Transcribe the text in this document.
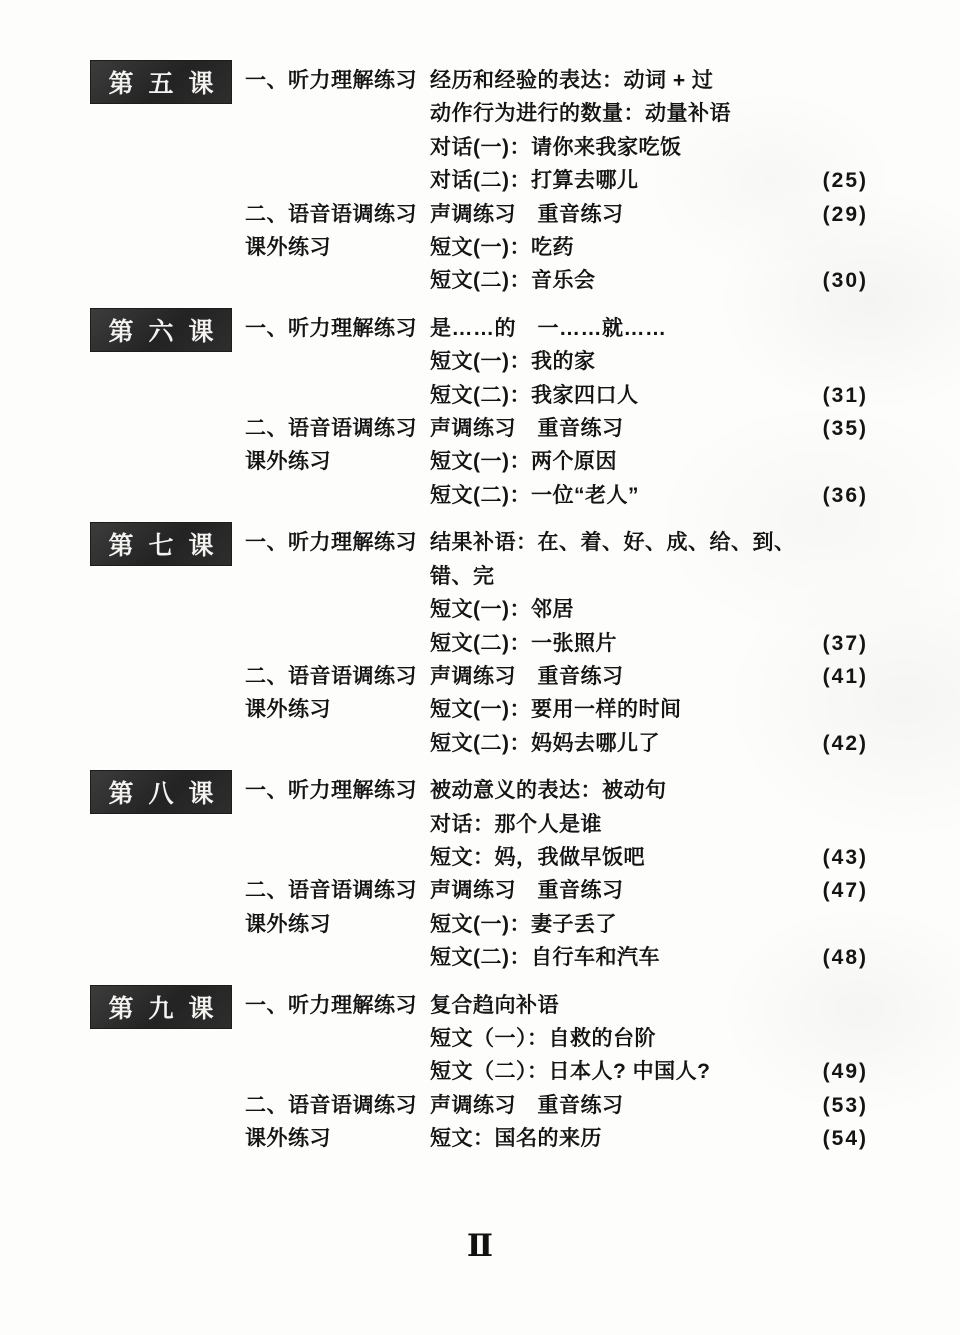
第五课 一、听力理解练习 经历和经验的表达：动词 + 过
动作行为进行的数量：动量补语
对话(一)：请你来我家吃饭
对话(二)：打算去哪儿	(25)
二、语音语调练习 声调练习　重音练习	(29)
课外练习	短文(一)：吃药
短文(二)：音乐会	(30)
第六课 一、听力理解练习 是……的　一……就……
短文(一)：我的家
短文(二)：我家四口人	(31)
二、语音语调练习 声调练习　重音练习	(35)
课外练习	短文(一)：两个原因
短文(二)：一位“老人”	(36)
第七课 一、听力理解练习 结果补语：在、着、好、成、给、到、
错、完
短文(一)：邻居
短文(二)：一张照片	(37)
二、语音语调练习 声调练习　重音练习	(41)
课外练习	短文(一)：要用一样的时间
短文(二)：妈妈去哪儿了	(42)
第八课 一、听力理解练习 被动意义的表达：被动句
对话：那个人是谁
短文：妈，我做早饭吧	(43)
二、语音语调练习 声调练习　重音练习	(47)
课外练习	短文(一)：妻子丢了
短文(二)：自行车和汽车	(48)
第九课 一、听力理解练习 复合趋向补语
短文（一）：自救的台阶
短文（二）：日本人? 中国人?	(49)
二、语音语调练习 声调练习　重音练习	(53)
课外练习	短文：国名的来历	(54)
Ⅱ
